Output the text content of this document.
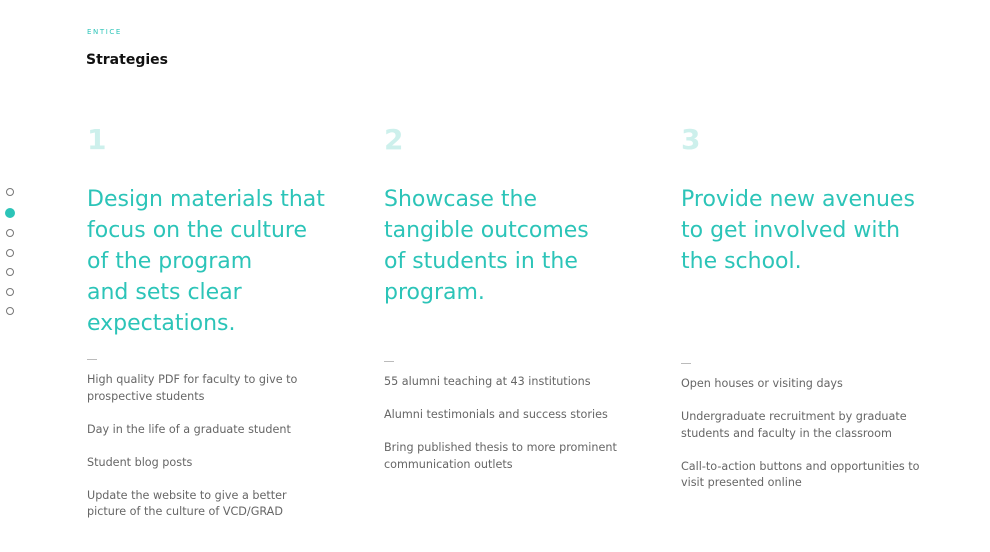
ENTICE
Strategies
1
Design materials that
focus on the culture
of the program
and sets clear
expectations.
High quality PDF for faculty to give to prospective students
Day in the life of a graduate student
Student blog posts
Update the website to give a better picture of the culture of VCD/GRAD
2
Showcase the
tangible outcomes
of students in the
program.
55 alumni teaching at 43 institutions
Alumni testimonials and success stories
Bring published thesis to more prominent communication outlets
3
Provide new avenues
to get involved with
the school.
Open houses or visiting days
Undergraduate recruitment by graduate students and faculty in the classroom
Call-to-action buttons and opportunities to visit presented online
